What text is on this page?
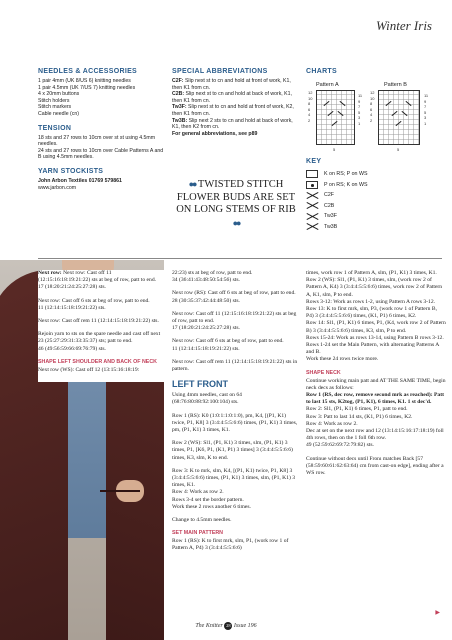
Winter Iris
NEEDLES & ACCESSORIES
1 pair 4mm (UK 8/US 6) knitting needles
1 pair 4.5mm (UK 7/US 7) knitting needles
4 x 20mm buttons
Stitch holders
Stitch markers
Cable needle (cn)
TENSION
18 sts and 27 rows to 10cm over st st using 4.5mm needles.
24 sts and 27 rows to 10cm over Cable Patterns A and B using 4.5mm needles.
YARN STOCKISTS
John Arbon Textiles 01769 579861
www.jarbon.com
SPECIAL ABBREVIATIONS
C2F: Slip next st to cn and hold at front of work, K1, then K1 from cn.
C2B: Slip next st to cn and hold at back of work, K1, then K1 from cn.
Tw3F: Slip next st to cn and hold at front of work, K2, then K1 from cn.
Tw3B: Slip next 2 sts to cn and hold at back of work, K1, then K2 from cn.
For general abbreviations, see p89
●● TWISTED STITCH FLOWER BUDS ARE SET ON LONG STEMS OF RIB ●●
CHARTS
Pattern A	Pattern B
12
10
8
6
4
2
11
9
7
5
3
1
12
10
8
6
4
2
11
9
7
5
3
1
5	5
KEY
K on RS; P on WS
P on RS; K on WS
C2F
C2B
Tw3F
Tw3B

Next row: Next row: Cast off 11 (12:15:16:18:19:21:22) sts at beg of row, patt to end.
17 (18:20:21:24:25:27:28) sts.

Next row: Cast off 6 sts at beg of row, patt to end.
11 (12:14:15:18:19:21:22) sts.

Next row: Cast off rem 11 (12:14:15:18:19:21:22) sts.

Rejoin yarn to sts on the spare needle and cast off next 23 (25:27:29:31:33:35:37) sts; patt to end.
46 (49:56:59:66:69:76:79) sts.

SHAPE LEFT SHOULDER AND BACK OF NECK

Next row (WS): Cast off 12 (13:15:16:18:19:

22:23) sts at beg of row, patt to end.
34 (36:41:43:48:50:54:56) sts.

Next row (RS): Cast off 6 sts at beg of row, patt to end.
28 (30:35:37:42:44:48:50) sts.

Next row: Cast off 11 (12:15:16:18:19:21:22) sts at beg of row, patt to end.
17 (18:20:21:24:25:27:28) sts.

Next row: Cast off 6 sts at beg of row, patt to end.
11 (12:14:15:18:19:21:22) sts.

Next row: Cast off rem 11 (12:14:15:18:19:21:22) sts in pattern.

LEFT FRONT

Using 4mm needles, cast on 64 (68:76:80:88:92:100:104) sts.

Row 1 (RS): K0 (1:0:1:1:0:1:0), pm, K4, [(P1, K1) twice, P1, K8] 3 (3:4:4:5:5:6:6) times, (P1, K1) 3 times, pm, (P1, K1) 3 times, K1.

Row 2 (WS): Sl1, (P1, K1) 3 times, slm, (P1, K1) 3 times, P1, [K6, P1, (K1, P1) 3 times] 3 (3:4:4:5:5:6:6) times, K3, slm, K to end.

Row 3: K to mrk, slm, K4, [(P1, K1) twice, P1, K8] 3 (3:4:4:5:5:6:6) times, (P1, K1) 3 times, slm, (P1, K1) 3 times, K1.
Row 4: Work as row 2.
Rows 3-4 set the border pattern.
Work these 2 rows another 6 times.

Change to 4.5mm needles.

SET MAIN PATTERN

Row 1 (RS): K to first mrk, slm, P1, (work row 1 of Pattern A, P4) 3 (3:4:4:5:5:6:6)

times, work row 1 of Pattern A, slm, (P1, K1) 3 times, K1.
Row 2 (WS): Sl1, (P1, K1) 3 times, slm, (work row 2 of Pattern A, K4) 3 (3:4:4:5:5:6:6) times, work row 2 of Pattern A, K1, slm, P to end.
Rows 3-12: Work as rows 1-2, using Pattern A rows 3-12.
Row 13: K to first mrk, slm, P3, (work row 1 of Pattern B, P4) 3 (3:4:4:5:5:6:6) times, (K1, P1) 6 times, K2.
Row 14: Sl1, (P1, K1) 6 times, P1, (K4, work row 2 of Pattern B) 3 (3:4:4:5:5:6:6) times, K3, slm, P to end.
Rows 15-24: Work as rows 13-14, using Pattern B rows 3-12.
Rows 1-24 set the Main Pattern, with alternating Patterns A and B.
Work these 24 rows twice more.

SHAPE NECK

Continue working main patt and AT THE SAME TIME, begin neck decs as follows:
Row 1 (RS, dec row, remove second mrk as reached): Patt to last 15 sts, K2tog, (P1, K1), 6 times, K1. 1 st dec'd.
Row 2: Sl1, (P1, K1) 6 times, P1, patt to end.
Row 3: Patt to last 14 sts, (K1, P1) 6 times, K2.
Row 4: Work as row 2.
Dec at set on the next row and 12 (13:14:15:16:17:18:19) foll 4th rows, then on the 1 foll 6th row.
49 (52:59:62:69:72:79:82) sts.

Continue without decs until Fronı matches Back [57 (58:59:60:61:62:63:64) cm from cast-on edge], ending after a WS row.

▶
The Knitter 28 Issue 196
